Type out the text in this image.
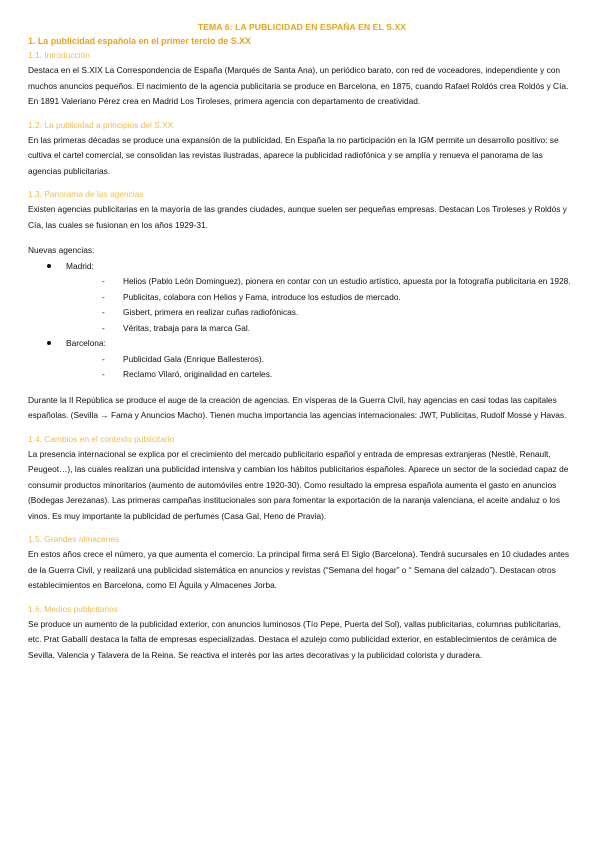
TEMA 6: LA PUBLICIDAD EN ESPAÑA EN EL S.XX
1. La publicidad española en el primer tercio de S.XX
1.1. Introducción

Destaca en el S.XIX La Correspondencia de España (Marqués de Santa Ana), un periódico barato, con red de voceadores, independiente y con muchos anuncios pequeños. El nacimiento de la agencia publicitaria se produce en Barcelona, en 1875, cuando Rafael Roldós crea Roldós y Cía. En 1891 Valeriano Pérez crea en Madrid Los Tiroleses, primera agencia con departamento de creatividad.

1.2. La publicidad a principios del S.XX

En las primeras décadas se produce una expansión de la publicidad. En España la no participación en la IGM permite un desarrollo positivo: se cultiva el cartel comercial, se consolidan las revistas ilustradas, aparece la publicidad radiofónica y se amplía y renueva el panorama de las agencias publicitarias.

1.3. Panorama de las agencias

Existen agencias publicitarias en la mayoría de las grandes ciudades, aunque suelen ser pequeñas empresas. Destacan Los Tiroleses y Roldós y Cía, las cuales se fusionan en los años 1929-31.

Nuevas agencias:

Madrid:
- Helios (Pablo León Dominguez), pionera en contar con un estudio artístico, apuesta por la fotografía publicitaria en 1928.
- Publicitas, colabora con Helios y Fama, introduce los estudios de mercado.
- Gisbert, primera en realizar cuñas radiofónicas.
- Véritas, trabaja para la marca Gal.
Barcelona:
- Publicidad Gala (Enrique Ballesteros).
- Reclamo Vilaró, originalidad en carteles.

Durante la II República se produce el auge de la creación de agencias. En vísperas de la Guerra Civil, hay agencias en casi todas las capitales españolas. (Sevilla → Fama y Anuncios Macho). Tienen mucha importancia las agencias internacionales: JWT, Publicitas, Rudolf Mosse y Havas.

1.4. Cambios en el contexto publicitario

La presencia internacional se explica por el crecimiento del mercado publicitario español y entrada de empresas extranjeras (Nestlé, Renault, Peugeot…), las cuales realizan una publicidad intensiva y cambian los hábitos publicitarios españoles. Aparece un sector de la sociedad capaz de consumir productos minoritarios (aumento de automóviles entre 1920-30). Como resultado la empresa española aumenta el gasto en anuncios (Bodegas Jerezanas). Las primeras campañas institucionales son para fomentar la exportación de la naranja valenciana, el aceite andaluz o los vinos. Es muy importante la publicidad de perfumes (Casa Gal, Heno de Pravia).

1.5. Grandes almacenes

En estos años crece el número, ya que aumenta el comercio. La principal firma será El Siglo (Barcelona). Tendrá sucursales en 10 ciudades antes de la Guerra Civil, y realizará una publicidad sistemática en anuncios y revistas (“Semana del hogar” o “ Semana del calzado”). Destacan otros establecimientos en Barcelona, como El Águila y Almacenes Jorba.

1.6. Medios publicitarios

Se produce un aumento de la publicidad exterior, con anuncios luminosos (Tío Pepe, Puerta del Sol), vallas publicitarias, columnas publicitarias, etc. Prat Gaballí destaca la falta de empresas especializadas. Destaca el azulejo como publicidad exterior, en establecimientos de cerámica de Sevilla, Valencia y Talavera de la Reina. Se reactiva el interés por las artes decorativas y la publicidad colorista y duradera.
